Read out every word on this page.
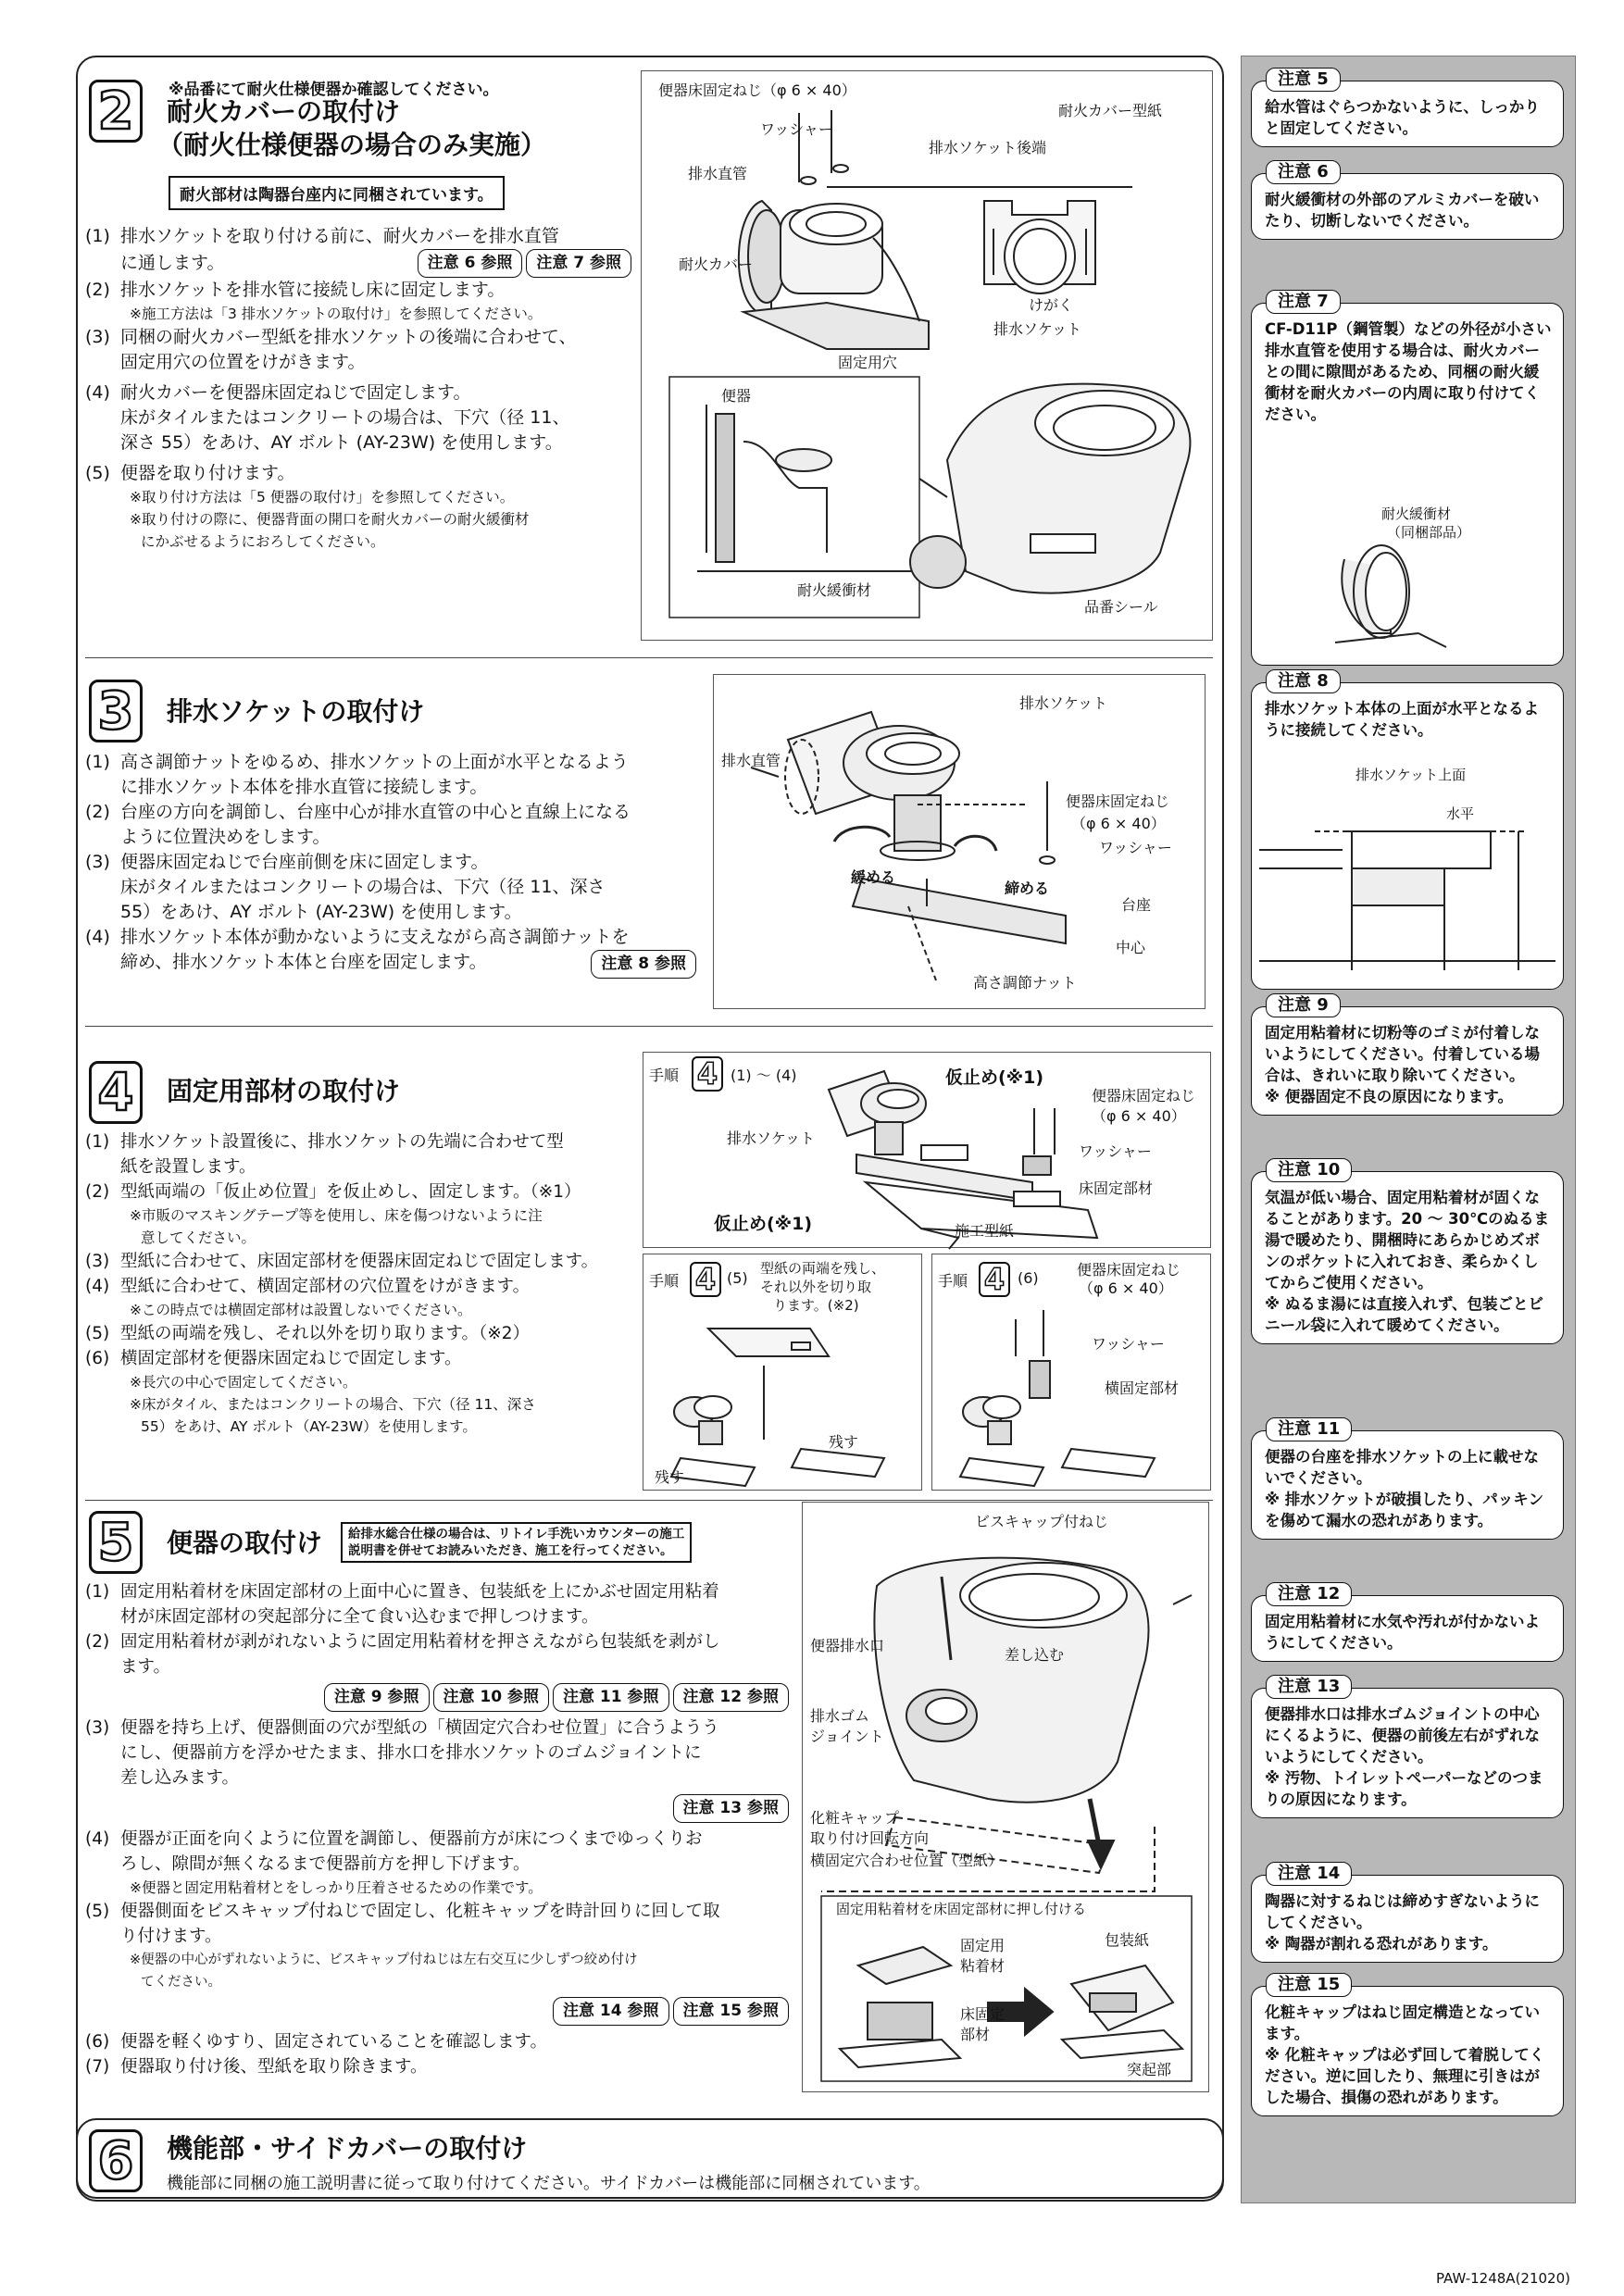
2	※品番にて耐火仕様便器か確認してください。
耐火カバーの取付け
（耐火仕様便器の場合のみ実施）
耐火部材は陶器台座内に同梱されています。
(1) 排水ソケットを取り付ける前に、耐火カバーを排水直管
に通します。	注意 6 参照 注意 7 参照
(2) 排水ソケットを排水管に接続し床に固定します。
※施工方法は「3 排水ソケットの取付け」を参照してください。
(3) 同梱の耐火カバー型紙を排水ソケットの後端に合わせて、
固定用穴の位置をけがきます。
(4) 耐火カバーを便器床固定ねじで固定します。
床がタイルまたはコンクリートの場合は、下穴（径 11、
深さ 55）をあけ、AY ボルト (AY-23W) を使用します。
(5) 便器を取り付けます。
※取り付け方法は「5 便器の取付け」を参照してください。
※取り付けの際に、便器背面の開口を耐火カバーの耐火緩衝材
にかぶせるようにおろしてください。
便器床固定ねじ（φ 6 × 40）
ワッシャー
排水直管
排水ソケット後端
耐火カバー型紙
耐火カバー
けがく
排水ソケット
固定用穴
便器
耐火緩衝材
品番シール
3	排水ソケットの取付け
(1) 高さ調節ナットをゆるめ、排水ソケットの上面が水平となるよう
に排水ソケット本体を排水直管に接続します。
(2) 台座の方向を調節し、台座中心が排水直管の中心と直線上になる
ように位置決めをします。
(3) 便器床固定ねじで台座前側を床に固定します。
床がタイルまたはコンクリートの場合は、下穴（径 11、深さ
55）をあけ、AY ボルト (AY-23W) を使用します。
(4) 排水ソケット本体が動かないように支えながら高さ調節ナットを
締め、排水ソケット本体と台座を固定します。	注意 8 参照
排水ソケット
排水直管
便器床固定ねじ
（φ 6 × 40）
ワッシャー
緩める
締める
台座
中心
高さ調節ナット
4	固定用部材の取付け
(1) 排水ソケット設置後に、排水ソケットの先端に合わせて型
紙を設置します。
(2) 型紙両端の「仮止め位置」を仮止めし、固定します。（※1）
※市販のマスキングテープ等を使用し、床を傷つけないように注
意してください。
(3) 型紙に合わせて、床固定部材を便器床固定ねじで固定します。
(4) 型紙に合わせて、横固定部材の穴位置をけがきます。
※この時点では横固定部材は設置しないでください。
(5) 型紙の両端を残し、それ以外を切り取ります。（※2）
(6) 横固定部材を便器床固定ねじで固定します。
※長穴の中心で固定してください。
※床がタイル、またはコンクリートの場合、下穴（径 11、深さ
55）をあけ、AY ボルト（AY-23W）を使用します。
手順 4 (1) ～ (4)	仮止め(※1)
便器床固定ねじ
（φ 6 × 40）
ワッシャー
排水ソケット
床固定部材
仮止め(※1)	施工型紙
手順 4 (5)
型紙の両端を残し、
それ以外を切り取
ります。(※2)
残す
残す
手順 4 (6)	便器床固定ねじ
（φ 6 × 40）
ワッシャー
横固定部材
5	便器の取付け 給排水総合仕様の場合は、リトイレ手洗いカウンターの施工
説明書を併せてお読みいただき、施工を行ってください。
(1) 固定用粘着材を床固定部材の上面中心に置き、包装紙を上にかぶせ固定用粘着
材が床固定部材の突起部分に全て食い込むまで押しつけます。
(2) 固定用粘着材が剥がれないように固定用粘着材を押さえながら包装紙を剥がし
ます。
注意 9 参照 注意 10 参照 注意 11 参照 注意 12 参照
(3) 便器を持ち上げ、便器側面の穴が型紙の「横固定穴合わせ位置」に合うようう
にし、便器前方を浮かせたまま、排水口を排水ソケットのゴムジョイントに
差し込みます。
注意 13 参照
(4) 便器が正面を向くように位置を調節し、便器前方が床につくまでゆっくりお
ろし、隙間が無くなるまで便器前方を押し下げます。
※便器と固定用粘着材とをしっかり圧着させるための作業です。
(5) 便器側面をビスキャップ付ねじで固定し、化粧キャップを時計回りに回して取
り付けます。
※便器の中心がずれないように、ビスキャップ付ねじは左右交互に少しずつ絞め付け
てください。
注意 14 参照 注意 15 参照
(6) 便器を軽くゆすり、固定されていることを確認します。
(7) 便器取り付け後、型紙を取り除きます。
ビスキャップ付ねじ
便器排水口
差し込む
排水ゴム
ジョイント
化粧キャップ
取り付け回転方向
横固定穴合わせ位置（型紙）
固定用粘着材を床固定部材に押し付ける
包装紙
固定用
粘着材
床固定
部材
突起部
6	機能部・サイドカバーの取付け
機能部に同梱の施工説明書に従って取り付けてください。サイドカバーは機能部に同梱されています。
注意 5
給水管はぐらつかないように、しっかりと固定してください。
注意 6
耐火緩衝材の外部のアルミカバーを破いたり、切断しないでください。
注意 7
CF-D11P（鋼管製）などの外径が小さい排水直管を使用する場合は、耐火カバーとの間に隙間があるため、同梱の耐火緩衝材を耐火カバーの内周に取り付けてください。
耐火緩衝材
（同梱部品）
注意 8
排水ソケット本体の上面が水平となるように接続してください。
排水ソケット上面
水平
注意 9
固定用粘着材に切粉等のゴミが付着しないようにしてください。付着している場合は、きれいに取り除いてください。
※ 便器固定不良の原因になります。
注意 10
気温が低い場合、固定用粘着材が固くなることがあります。20 ～ 30℃のぬるま湯で暖めたり、開梱時にあらかじめズボンのポケットに入れておき、柔らかくしてからご使用ください。
※ ぬるま湯には直接入れず、包装ごとビニール袋に入れて暖めてください。
注意 11
便器の台座を排水ソケットの上に載せないでください。
※ 排水ソケットが破損したり、パッキンを傷めて漏水の恐れがあります。
注意 12
固定用粘着材に水気や汚れが付かないようにしてください。
注意 13
便器排水口は排水ゴムジョイントの中心にくるように、便器の前後左右がずれないようにしてください。
※ 汚物、トイレットペーパーなどのつまりの原因になります。
注意 14
陶器に対するねじは締めすぎないようにしてください。
※ 陶器が割れる恐れがあります。
注意 15
化粧キャップはねじ固定構造となっています。
※ 化粧キャップは必ず回して着脱してください。逆に回したり、無理に引きはがした場合、損傷の恐れがあります。
PAW-1248A(21020)
